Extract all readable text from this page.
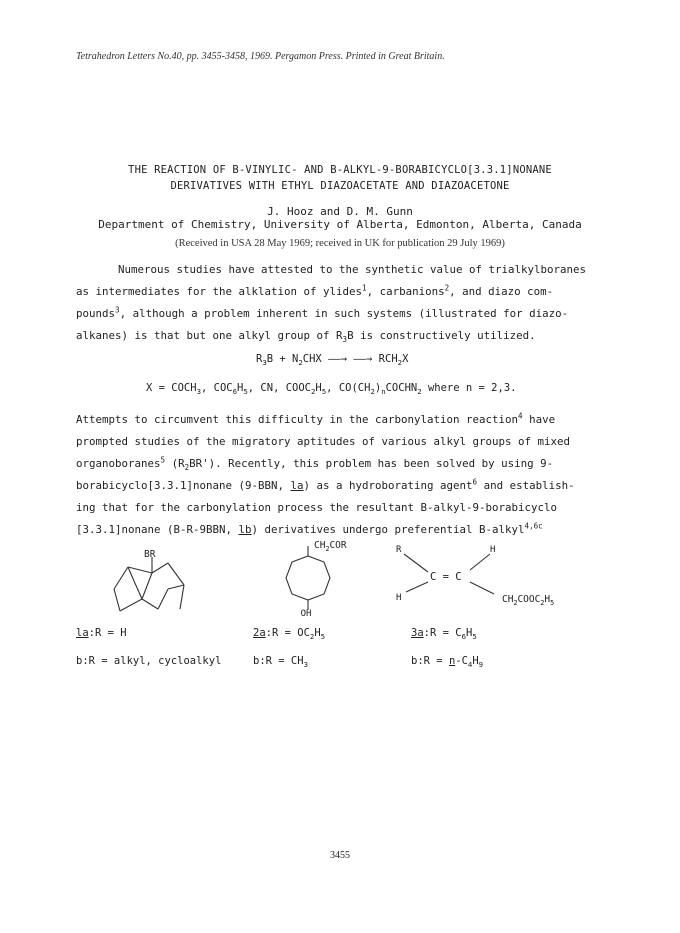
Tetrahedron Letters No.40, pp. 3455-3458, 1969. Pergamon Press. Printed in Great Britain.
THE REACTION OF B-VINYLIC- AND B-ALKYL-9-BORABICYCLO[3.3.1]NONANE
DERIVATIVES WITH ETHYL DIAZOACETATE AND DIAZOACETONE
J. Hooz and D. M. Gunn
Department of Chemistry, University of Alberta, Edmonton, Alberta, Canada
(Received in USA 28 May 1969; received in UK for publication 29 July 1969)
Numerous studies have attested to the synthetic value of trialkylboranes
as intermediates for the alklation of ylides$^1$, carbanions$^2$, and diazo com-
pounds$^3$, although a problem inherent in such systems (illustrated for diazo-
alkanes) is that but one alkyl group of $R_3B$ is constructively utilized.
$R_3B + N_2CHX$ ——→ ——→ $RCH_2X$
$X = COCH_3$, $COC_6H_5$, CN, $COOC_2H_5$, $CO(CH_2)_nCOCHN_2$ where n = 2,3.
Attempts to circumvent this difficulty in the carbonylation reaction$^4$ have
prompted studies of the migratory aptitudes of various alkyl groups of mixed
organoboranes$^5$ $(R_2BR')$. Recently, this problem has been solved by using 9-
borabicyclo[3.3.1]nonane (9-BBN, la) as a hydroborating agent$^6$ and establish-
ing that for the carbonylation process the resultant B-alkyl-9-borabicyclo
[3.3.1]nonane (B-R-9BBN, lb) derivatives undergo preferential B-alkyl$^{4,6c}$
BR
OH
$CH_2COR$	R	H
C = C
H	$CH_2COOC_2H_5$
la:R = H
b:R = alkyl, cycloalkyl
2a:R = $OC_2H_5$
b:R = $CH_3$
3a:R = $C_6H_5$
b:R = $n-C_4H_9$
3455
